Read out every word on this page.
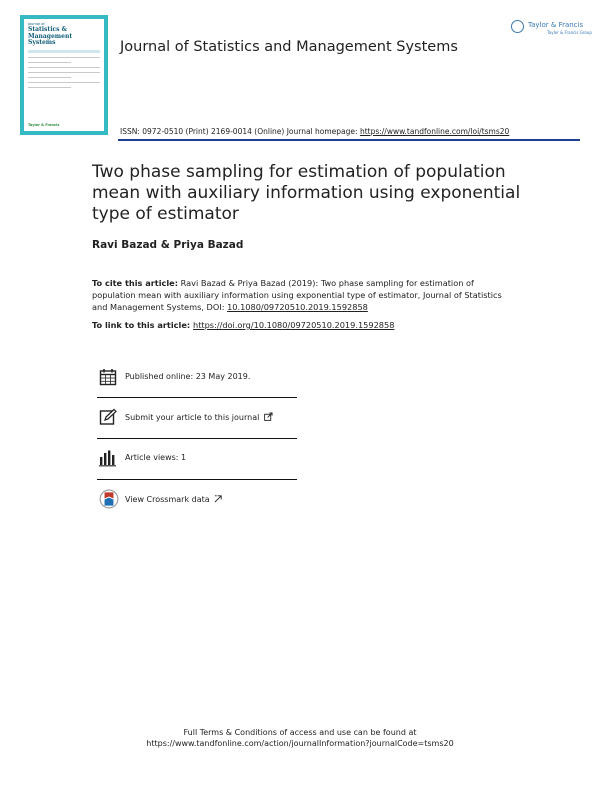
Journal of
Statistics &
Management Systems
Taylor & Francis
Journal of Statistics and Management Systems
Taylor & Francis
Taylor & Francis Group
ISSN: 0972-0510 (Print) 2169-0014 (Online) Journal homepage: https://www.tandfonline.com/loi/tsms20
Two phase sampling for estimation of population mean with auxiliary information using exponential type of estimator
Ravi Bazad & Priya Bazad
To cite this article: Ravi Bazad & Priya Bazad (2019): Two phase sampling for estimation of population mean with auxiliary information using exponential type of estimator, Journal of Statistics and Management Systems, DOI: 10.1080/09720510.2019.1592858
To link to this article: https://doi.org/10.1080/09720510.2019.1592858
Published online: 23 May 2019.
Submit your article to this journal
Article views: 1
View Crossmark data
Full Terms & Conditions of access and use can be found at
https://www.tandfonline.com/action/journalInformation?journalCode=tsms20
